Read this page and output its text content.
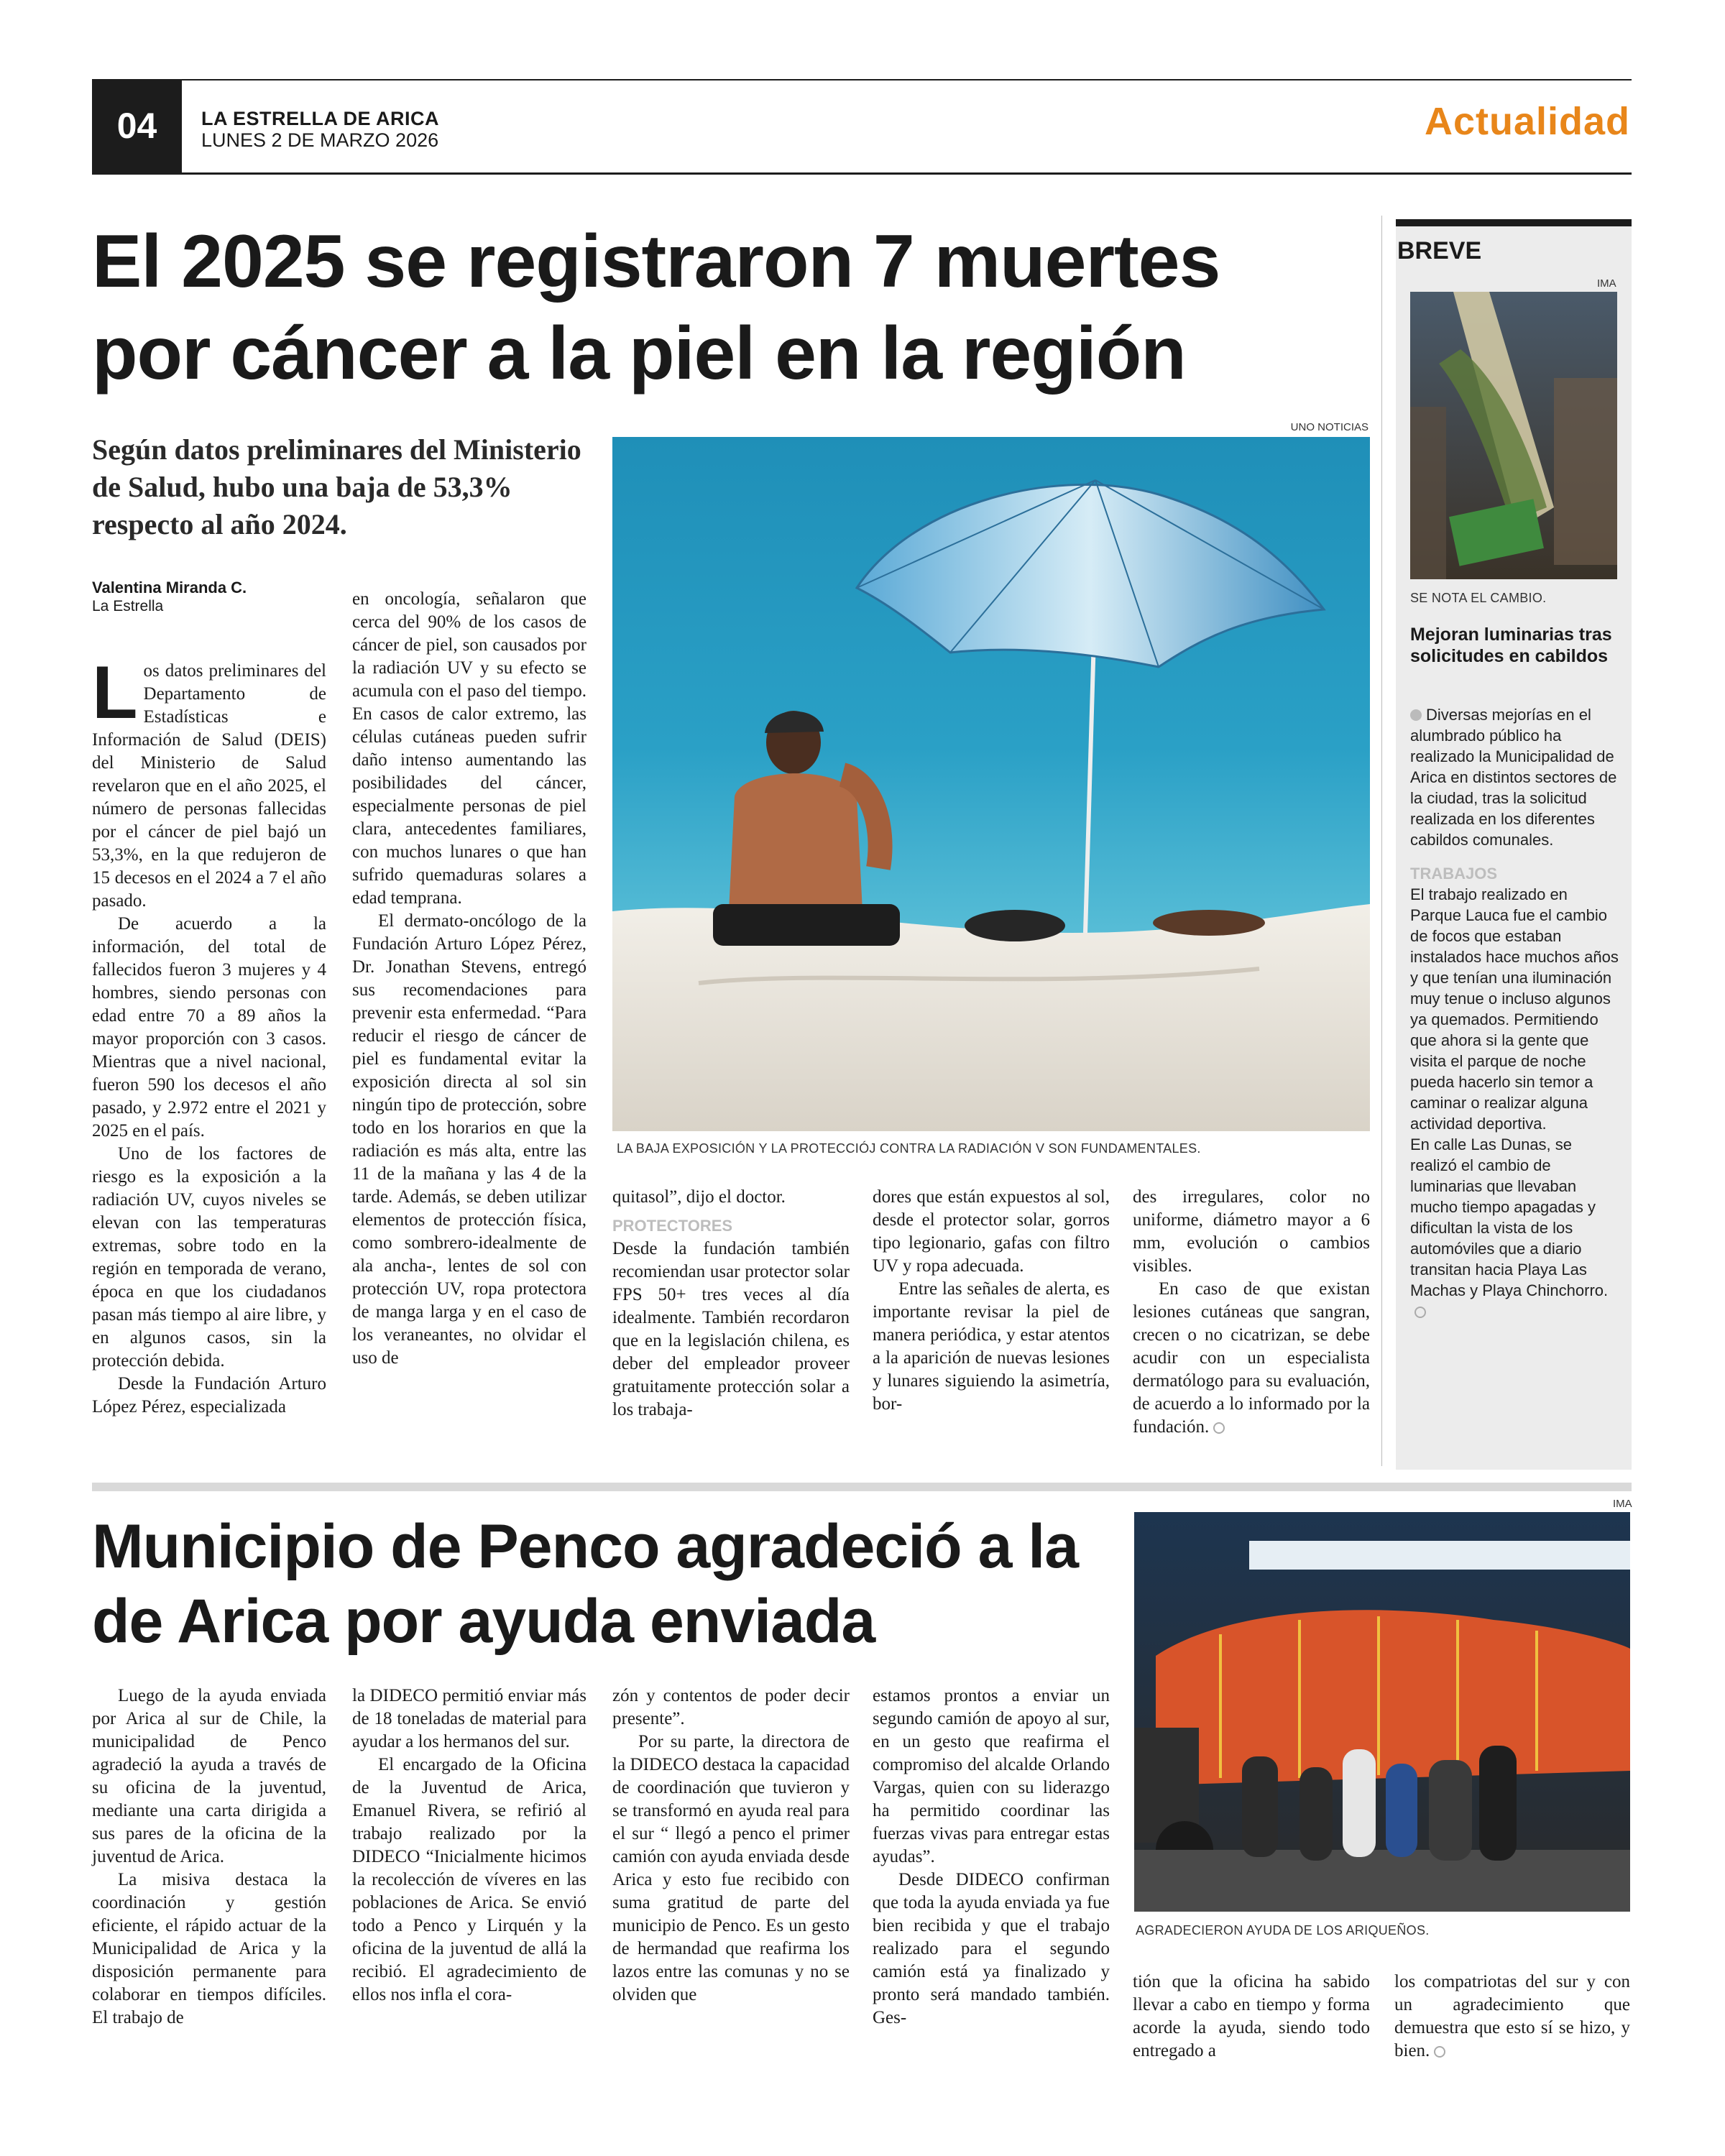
04	LA ESTRELLA DE ARICA
LUNES 2 DE MARZO 2026	Actualidad
El 2025 se registraron 7 muertes
por cáncer a la piel en la región
Según datos preliminares del Ministerio de Salud, hubo una baja de 53,3% respecto al año 2024.
Valentina Miranda C.
La Estrella
UNO NOTICIAS
LA BAJA EXPOSICIÓN Y LA PROTECCIÓJ CONTRA LA RADIACIÓN V SON FUNDAMENTALES.

Los datos preliminares del Departamento de Estadísticas e Información de Salud (DEIS) del Ministerio de Salud revelaron que en el año 2025, el número de personas fallecidas por el cáncer de piel bajó un 53,3%, en la que redujeron de 15 decesos en el 2024 a 7 el año pasado.

De acuerdo a la información, del total de fallecidos fueron 3 mujeres y 4 hombres, siendo personas con edad entre 70 a 89 años la mayor proporción con 3 casos. Mientras que a nivel nacional, fueron 590 los decesos el año pasado, y 2.972 entre el 2021 y 2025 en el país.

Uno de los factores de riesgo es la exposición a la radiación UV, cuyos niveles se elevan con las temperaturas extremas, sobre todo en la región en temporada de verano, época en que los ciudadanos pasan más tiempo al aire libre, y en algunos casos, sin la protección debida.

Desde la Fundación Arturo López Pérez, especializada

en oncología, señalaron que cerca del 90% de los casos de cáncer de piel, son causados por la radiación UV y su efecto se acumula con el paso del tiempo. En casos de calor extremo, las células cutáneas pueden sufrir daño intenso aumentando las posibilidades del cáncer, especialmente personas de piel clara, antecedentes familiares, con muchos lunares o que han sufrido quemaduras solares a edad temprana.

El dermato-oncólogo de la Fundación Arturo López Pérez, Dr. Jonathan Stevens, entregó sus recomendaciones para prevenir esta enfermedad. “Para reducir el riesgo de cáncer de piel es fundamental evitar la exposición directa al sol sin ningún tipo de protección, sobre todo en los horarios en que la radiación es más alta, entre las 11 de la mañana y las 4 de la tarde. Además, se deben utilizar elementos de protección física, como sombrero-idealmente de ala ancha-, lentes de sol con protección UV, ropa protectora de manga larga y en el caso de los veraneantes, no olvidar el uso de

quitasol”, dijo el doctor.

PROTECTORES

Desde la fundación también recomiendan usar protector solar FPS 50+ tres veces al día idealmente. También recordaron que en la legislación chilena, es deber del empleador proveer gratuitamente protección solar a los trabaja-

dores que están expuestos al sol, desde el protector solar, gorros tipo legionario, gafas con filtro UV y ropa adecuada.

Entre las señales de alerta, es importante revisar la piel de manera periódica, y estar atentos a la aparición de nuevas lesiones y lunares siguiendo la asimetría, bor-

des irregulares, color no uniforme, diámetro mayor a 6 mm, evolución o cambios visibles.

En caso de que existan lesiones cutáneas que sangran, crecen o no cicatrizan, se debe acudir con un especialista dermatólogo para su evaluación, de acuerdo a lo informado por la fundación.

BREVE
IMA
SE NOTA EL CAMBIO.
Mejoran luminarias tras solicitudes en cabildos

Diversas mejorías en el alumbrado público ha realizado la Municipalidad de Arica en distintos sectores de la ciudad, tras la solicitud realizada en los diferentes cabildos comunales.

TRABAJOS

El trabajo realizado en Parque Lauca fue el cambio de focos que estaban instalados hace muchos años y que tenían una iluminación muy tenue o incluso algunos ya quemados. Permitiendo que ahora si la gente que visita el parque de noche pueda hacerlo sin temor a caminar o realizar alguna actividad deportiva.

En calle Las Dunas, se realizó el cambio de luminarias que llevaban mucho tiempo apagadas y dificultan la vista de los automóviles que a diario transitan hacia Playa Las Machas y Playa Chinchorro.

Municipio de Penco agradeció a la
de Arica por ayuda enviada
IMA
AGRADECIERON AYUDA DE LOS ARIQUEÑOS.

Luego de la ayuda enviada por Arica al sur de Chile, la municipalidad de Penco agradeció la ayuda a través de su oficina de la juventud, mediante una carta dirigida a sus pares de la oficina de la juventud de Arica.

La misiva destaca la coordinación y gestión eficiente, el rápido actuar de la Municipalidad de Arica y la disposición permanente para colaborar en tiempos difíciles. El trabajo de

la DIDECO permitió enviar más de 18 toneladas de material para ayudar a los hermanos del sur.

El encargado de la Oficina de la Juventud de Arica, Emanuel Rivera, se refirió al trabajo realizado por la DIDECO “Inicialmente hicimos la recolección de víveres en las poblaciones de Arica. Se envió todo a Penco y Lirquén y la oficina de la juventud de allá la recibió. El agradecimiento de ellos nos infla el cora-

zón y contentos de poder decir presente”.

Por su parte, la directora de la DIDECO destaca la capacidad de coordinación que tuvieron y se transformó en ayuda real para el sur “ llegó a penco el primer camión con ayuda enviada desde Arica y esto fue recibido con suma gratitud de parte del municipio de Penco. Es un gesto de hermandad que reafirma los lazos entre las comunas y no se olviden que

estamos prontos a enviar un segundo camión de apoyo al sur, en un gesto que reafirma el compromiso del alcalde Orlando Vargas, quien con su liderazgo ha permitido coordinar las fuerzas vivas para entregar estas ayudas”.

Desde DIDECO confirman que toda la ayuda enviada ya fue bien recibida y que el trabajo realizado para el segundo camión está ya finalizado y pronto será mandado también. Ges-

tión que la oficina ha sabido llevar a cabo en tiempo y forma acorde la ayuda, siendo todo entregado a

los compatriotas del sur y con un agradecimiento que demuestra que esto sí se hizo, y bien.
